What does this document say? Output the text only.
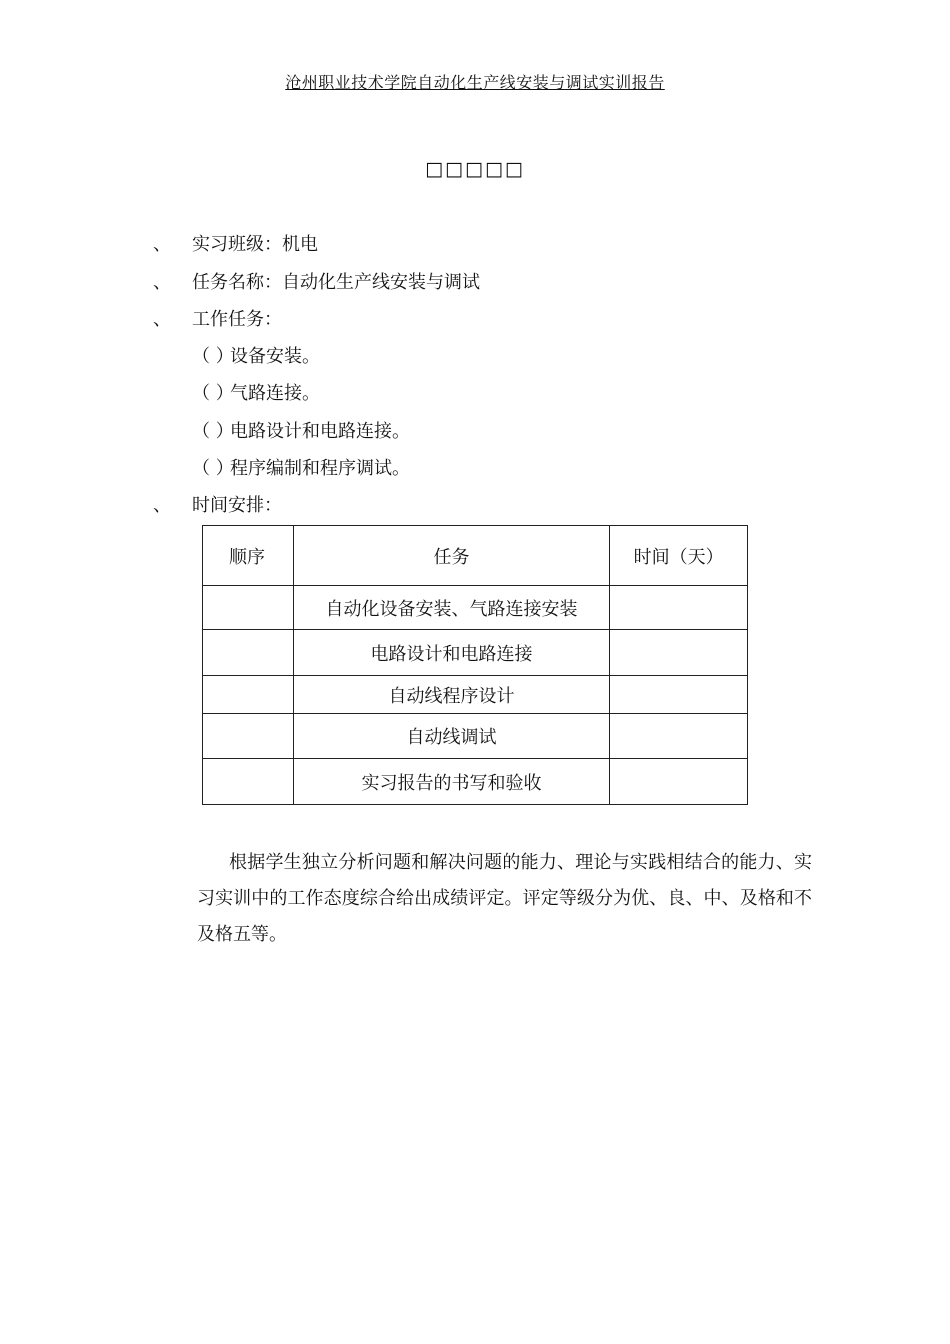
沧州职业技术学院自动化生产线安装与调试实训报告
□□□□□
、 实习班级：机电
、 任务名称：自动化生产线安装与调试
、 工作任务：
（ ）设备安装。
（ ）气路连接。
（ ）电路设计和电路连接。
（ ）程序编制和程序调试。
、 时间安排：
顺序	任务	时间（天）
	自动化设备安装、气路连接安装	
	电路设计和电路连接	
	自动线程序设计	
	自动线调试	
	实习报告的书写和验收	
根据学生独立分析问题和解决问题的能力、理论与实践相结合的能力、实习实训中的工作态度综合给出成绩评定。评定等级分为优、良、中、及格和不及格五等。
